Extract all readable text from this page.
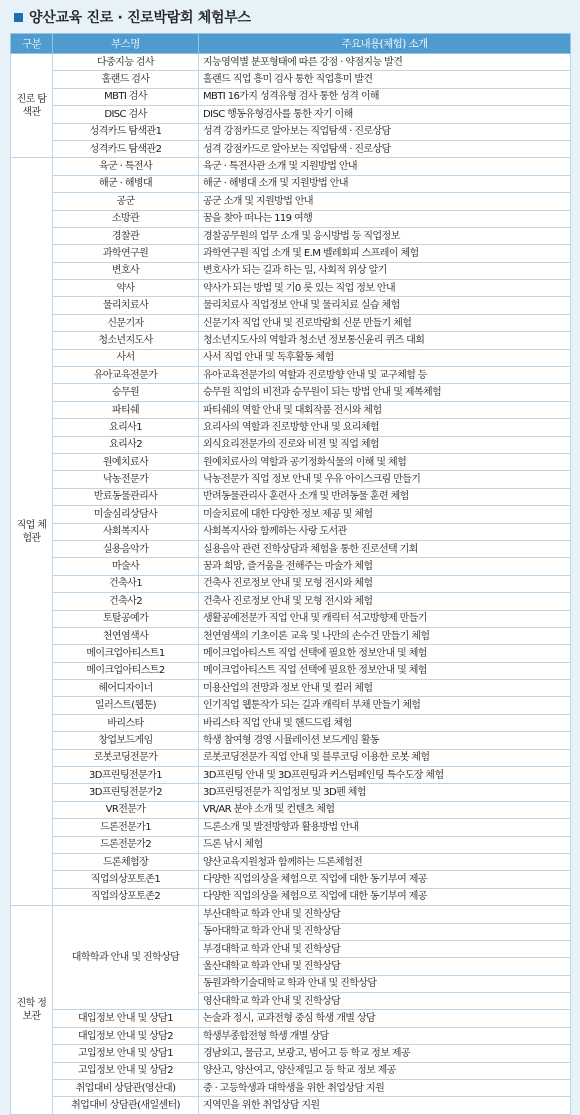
양산교육 진로 · 진로박람회 체험부스
구분	부스명	주요내용(체험) 소개
진로 탐색관	다중지능 검사	지능영역별 분포형태에 따른 강점 · 약점지능 발견
	홀랜드 검사	홀랜드 직업 흥미 검사 통한 직업흥미 발견
	MBTI 검사	MBTI 16가지 성격유형 검사 통한 성격 이해
	DISC 검사	DISC 행동유형검사를 통한 자기 이해
	성격카드 탐색관1	성격 강점카드로 알아보는 직업탐색 · 진로상담
	성격카드 탐색관2	성격 강점카드로 알아보는 직업탐색 · 진로상담
직업 체험관	육군 · 특전사	육군 · 특전사관 소개 및 지원방법 안내
	해군 · 해병대	해군 · 해병대 소개 및 지원방법 안내
	공군	공군 소개 및 지원방법 안내
	소방관	꿈을 찾아 떠나는 119 여행
	경찰관	경찰공무원의 업무 소개 및 응시방법 등 직업정보
	과학연구원	과학연구원 직업 소개 및 E.M 벨레회피 스프레이 체험
	변호사	변호사가 되는 길과 하는 일, 사회적 위상 알기
	약사	약사가 되는 방법 및 기0 롯 있는 직업 정보 안내
	물리치료사	물리치료사 직업정보 안내 및 물리치료 실습 체험
	신문기자	신문기자 직업 안내 및 진로박람회 신문 만들기 체험
	청소년지도사	청소년지도사의 역할과 청소년 정보통신윤리 퀴즈 대회
	사서	사서 직업 안내 및 독후활동 체험
	유아교육전문가	유아교육전문가의 역할과 진로방향 안내 및 교구체험 등
	승무원	승무원 직업의 비전과 승무원이 되는 방법 안내 및 제복체험
	파티쉐	파티쉐의 역할 안내 및 대회작품 전시와 체험
	요리사1	요리사의 역할과 진로방향 안내 및 요리체험
	요리사2	외식요리전문가의 진로와 비젼 및 직업 체험
	원예치료사	원예치료사의 역할과 공기정화식물의 이해 및 체험
	낙농전문가	낙농전문가 직업 정보 안내 및 우유 아이스크림 만들기
	반료동물관리사	반려동물관리사 훈련사 소개 및 반려동물 훈련 체험
	미술심리상담사	미술치료에 대한 다양한 정보 제공 및 체험
	사회복지사	사회복지사와 함께하는 사랑 도서관
	실용음악가	실용음악 관련 진학상담과 체험을 통한 진로선택 기회
	마술사	꿈과 희망, 즐거움을 전해주는 마술가 체험
	건축사1	건축사 진로정보 안내 및 모형 전시와 체험
	건축사2	건축사 진로정보 안내 및 모형 전시와 체험
	토탈공예가	생활공예전문가 직업 안내 및 캐릭터 석고방향제 만들기
	천연염색사	천연염색의 기초이론 교육 및 나만의 손수건 만들기 체험
	메이크업아티스트1	메이크업아티스트 직업 선택에 필요한 정보안내 및 체험
	메이크업아티스트2	메이크업아티스트 직업 선택에 필요한 정보안내 및 체험
	헤어디자이너	미용산업의 전망과 정보 안내 및 컬러 체험
	일러스트(웹툰)	인기직업 웹툰작가 되는 길과 캐릭터 부채 만들기 체험
	바리스타	바리스타 직업 안내 및 핸드드립 체험
	창업보드게임	학생 참여형 경영 시뮬레이션 보드게임 활동
	로봇코딩전문가	로봇코딩전문가 직업 안내 및 블루코딩 이용한 로봇 체험
	3D프린팅전문가1	3D프린팅 안내 및 3D프린팅과 커스텀페인팅 특수도장 체험
	3D프린팅전문가2	3D프린팅전문가 직업정보 및 3D펜 체험
	VR전문가	VR/AR 분야 소개 및 컨텐츠 체험
	드론전문가1	드론소개 및 발전방향과 활용방법 안내
	드론전문가2	드론 낚시 체험
	드론체험장	양산교육지원청과 함께하는 드론체험전
	직업의상포토존1	다양한 직업의상을 체험으로 직업에 대한 동기부여 제공
	직업의상포토존2	다양한 직업의상을 체험으로 직업에 대한 동기부여 제공
진학 정보관	대학학과 안내 및 진학상담	부산대학교 학과 안내 및 진학상담
		동아대학교 학과 안내 및 진학상담
		부경대학교 학과 안내 및 진학상담
		울산대학교 학과 안내 및 진학상담
		동원과학기술대학교 학과 안내 및 진학상담
		영산대학교 학과 안내 및 진학상담
	대입정보 안내 및 상담1	논술과 정시, 교과전형 중심 학생 개별 상담
	대입정보 안내 및 상담2	학생부종합전형 학생 개별 상담
	고입정보 안내 및 상담1	경남외고, 물금고, 보광고, 범어고 등 학교 정보 제공
	고입정보 안내 및 상담2	양산고, 양산여고, 양산제일고 등 학교 정보 제공
	취업대비 상담관(영산대)	중 · 고등학생과 대학생을 위한 취업상담 지원
	취업대비 상담관(새일센터)	지역민을 위한 취업상담 지원
